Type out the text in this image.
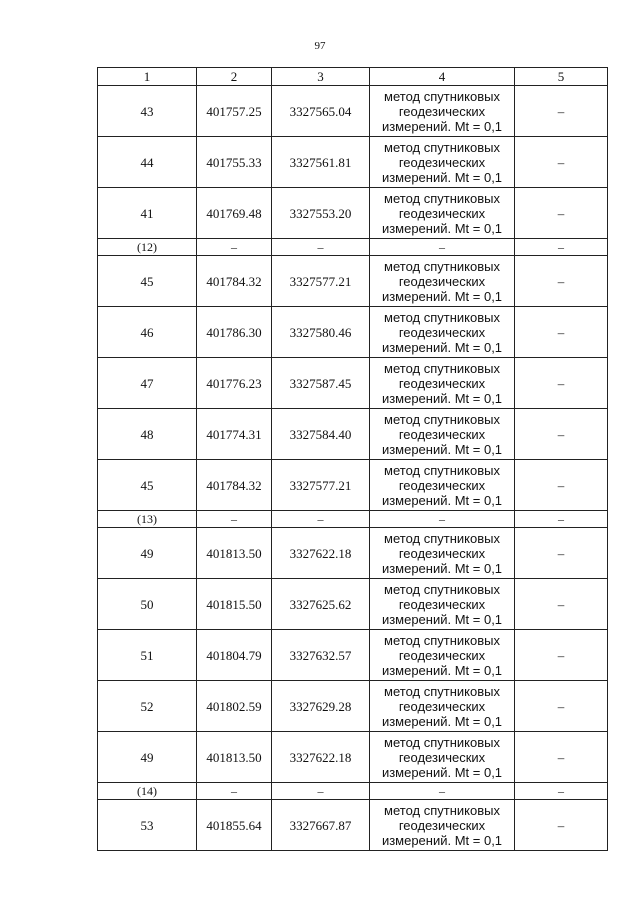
97
1	2	3	4	5
43	401757.25	3327565.04	метод спутниковых
геодезических
измерений. Mt = 0,1	–
44	401755.33	3327561.81	метод спутниковых
геодезических
измерений. Mt = 0,1	–
41	401769.48	3327553.20	метод спутниковых
геодезических
измерений. Mt = 0,1	–
(12)	–	–	–	–
45	401784.32	3327577.21	метод спутниковых
геодезических
измерений. Mt = 0,1	–
46	401786.30	3327580.46	метод спутниковых
геодезических
измерений. Mt = 0,1	–
47	401776.23	3327587.45	метод спутниковых
геодезических
измерений. Mt = 0,1	–
48	401774.31	3327584.40	метод спутниковых
геодезических
измерений. Mt = 0,1	–
45	401784.32	3327577.21	метод спутниковых
геодезических
измерений. Mt = 0,1	–
(13)	–	–	–	–
49	401813.50	3327622.18	метод спутниковых
геодезических
измерений. Mt = 0,1	–
50	401815.50	3327625.62	метод спутниковых
геодезических
измерений. Mt = 0,1	–
51	401804.79	3327632.57	метод спутниковых
геодезических
измерений. Mt = 0,1	–
52	401802.59	3327629.28	метод спутниковых
геодезических
измерений. Mt = 0,1	–
49	401813.50	3327622.18	метод спутниковых
геодезических
измерений. Mt = 0,1	–
(14)	–	–	–	–
53	401855.64	3327667.87	метод спутниковых
геодезических
измерений. Mt = 0,1	–
